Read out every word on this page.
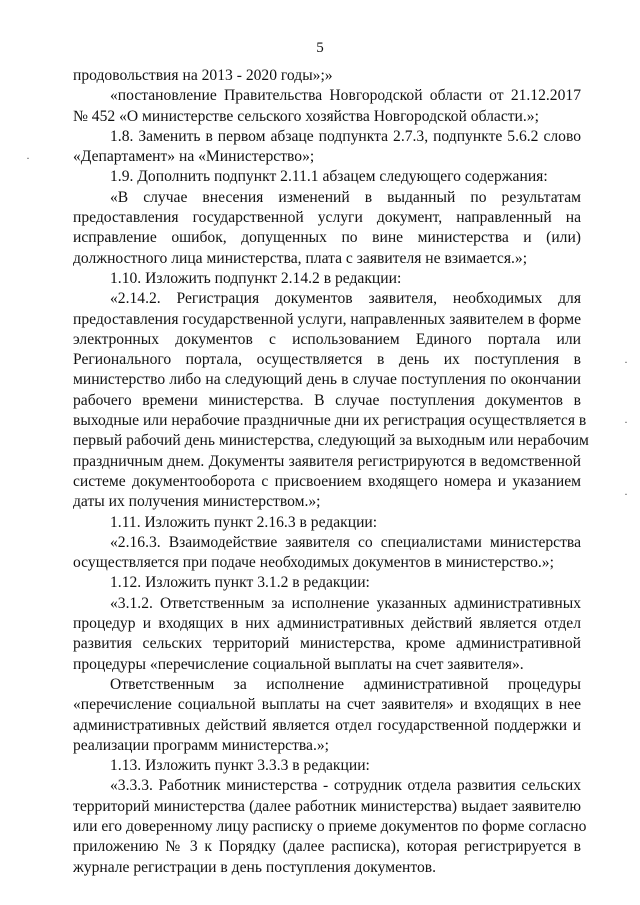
5
продовольствия на 2013 - 2020 годы»;»
«постановление Правительства Новгородской области от 21.12.2017
№ 452 «О министерстве сельского хозяйства Новгородской области.»;
1.8. Заменить в первом абзаце подпункта 2.7.3, подпункте 5.6.2 слово
«Департамент» на «Министерство»;
1.9. Дополнить подпункт 2.11.1 абзацем следующего содержания:
«В случае внесения изменений в выданный по результатам
предоставления государственной услуги документ, направленный на
исправление ошибок, допущенных по вине министерства и (или)
должностного лица министерства, плата с заявителя не взимается.»;
1.10. Изложить подпункт 2.14.2 в редакции:
«2.14.2. Регистрация документов заявителя, необходимых для
предоставления государственной услуги, направленных заявителем в форме
электронных документов с использованием Единого портала или
Регионального портала, осуществляется в день их поступления в
министерство либо на следующий день в случае поступления по окончании
рабочего времени министерства. В случае поступления документов в
выходные или нерабочие праздничные дни их регистрация осуществляется в
первый рабочий день министерства, следующий за выходным или нерабочим
праздничным днем. Документы заявителя регистрируются в ведомственной
системе документооборота с присвоением входящего номера и указанием
даты их получения министерством.»;
1.11. Изложить пункт 2.16.3 в редакции:
«2.16.3. Взаимодействие заявителя со специалистами министерства
осуществляется при подаче необходимых документов в министерство.»;
1.12. Изложить пункт 3.1.2 в редакции:
«3.1.2. Ответственным за исполнение указанных административных
процедур и входящих в них административных действий является отдел
развития сельских территорий министерства, кроме административной
процедуры «перечисление социальной выплаты на счет заявителя».
Ответственным за исполнение административной процедуры
«перечисление социальной выплаты на счет заявителя» и входящих в нее
административных действий является отдел государственной поддержки и
реализации программ министерства.»;
1.13. Изложить пункт 3.3.3 в редакции:
«3.3.3. Работник министерства - сотрудник отдела развития сельских
территорий министерства (далее работник министерства) выдает заявителю
или его доверенному лицу расписку о приеме документов по форме согласно
приложению № 3 к Порядку (далее расписка), которая регистрируется в
журнале регистрации в день поступления документов.
·
·
·
·
